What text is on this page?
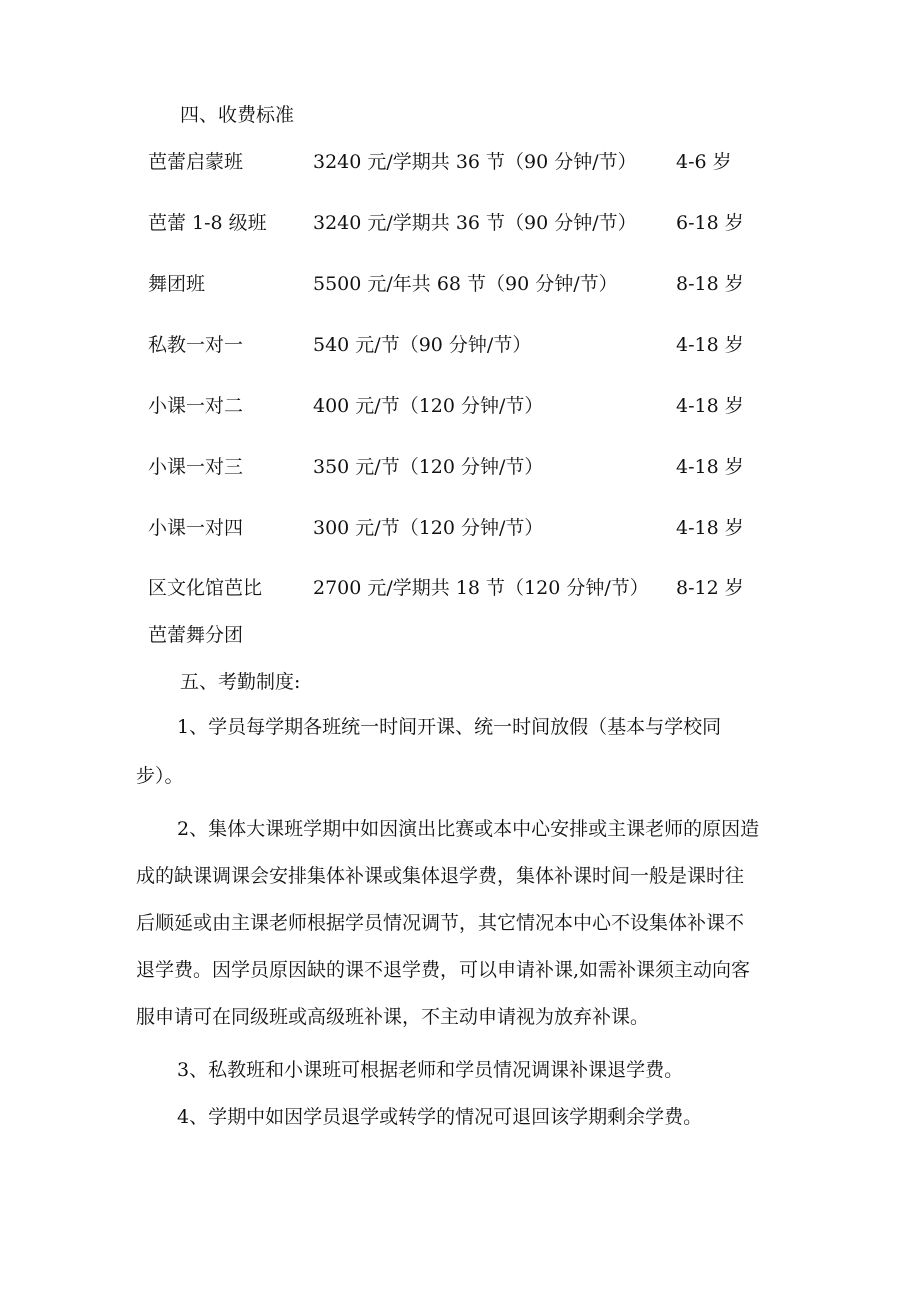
四、收费标准
芭蕾启蒙班	3240 元/学期共 36 节（90 分钟/节） 4-6 岁
芭蕾 1-8 级班 3240 元/学期共 36 节（90 分钟/节） 6-18 岁
舞团班	5500 元/年共 68 节（90 分钟/节）	8-18 岁
私教一对一	540 元/节（90 分钟/节）	4-18 岁
小课一对二	400 元/节（120 分钟/节）	4-18 岁
小课一对三	350 元/节（120 分钟/节）	4-18 岁
小课一对四	300 元/节（120 分钟/节）	4-18 岁
区文化馆芭比	2700 元/学期共 18 节（120 分钟/节） 8-12 岁
芭蕾舞分团
五、考勤制度:
1、学员每学期各班统一时间开课、统一时间放假（基本与学校同
步）。
2、集体大课班学期中如因演出比赛或本中心安排或主课老师的原因造
成的缺课调课会安排集体补课或集体退学费，集体补课时间一般是课时往
后顺延或由主课老师根据学员情况调节，其它情况本中心不设集体补课不
退学费。因学员原因缺的课不退学费，可以申请补课,如需补课须主动向客
服申请可在同级班或高级班补课，不主动申请视为放弃补课。
3、私教班和小课班可根据老师和学员情况调课补课退学费。
4、学期中如因学员退学或转学的情况可退回该学期剩余学费。
